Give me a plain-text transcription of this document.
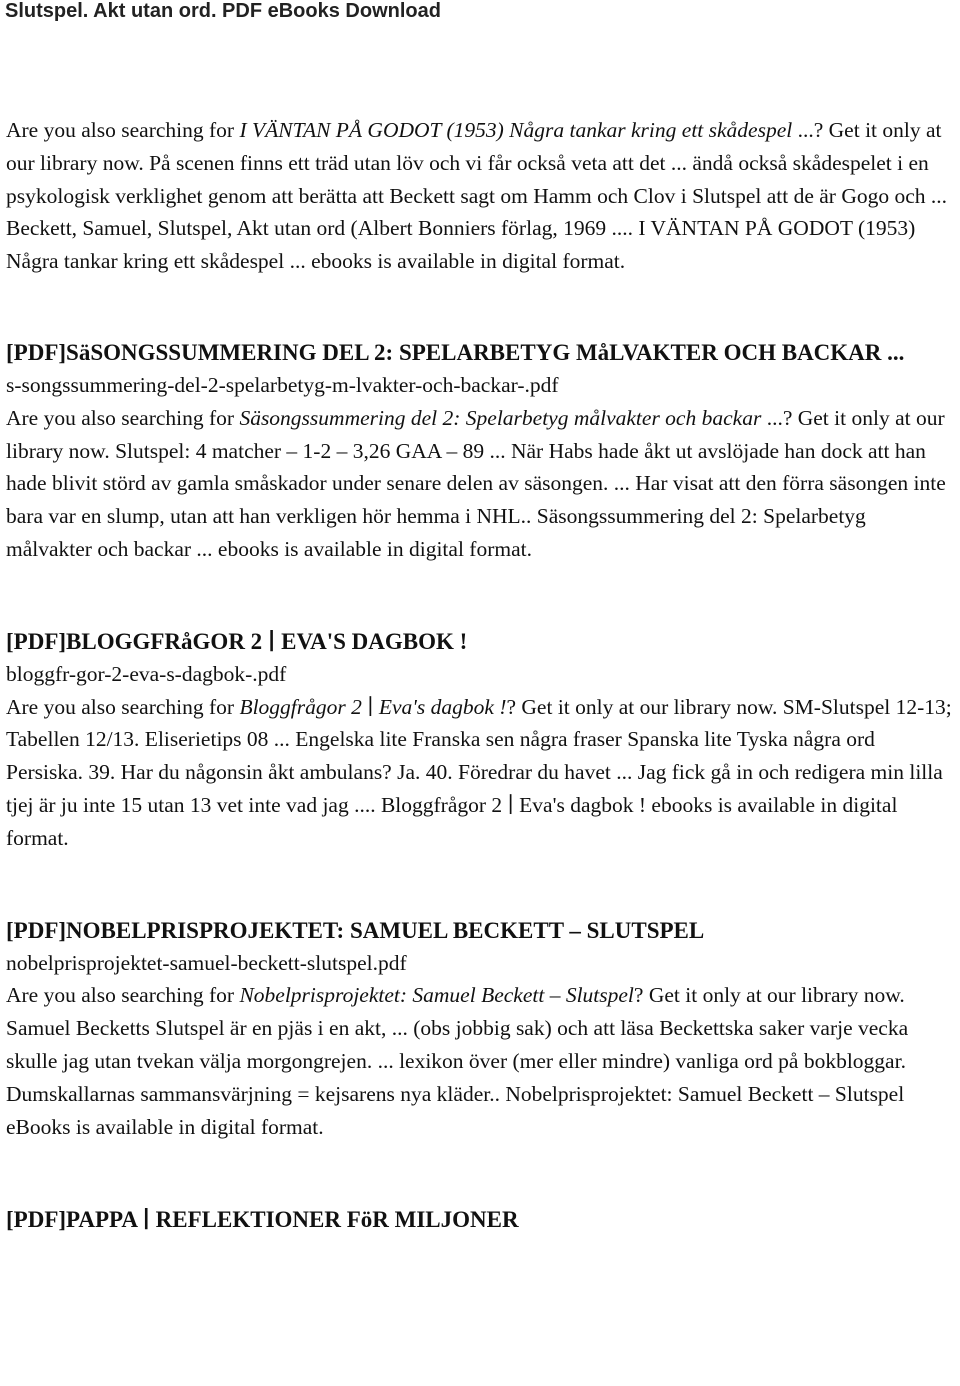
Slutspel. Akt utan ord. PDF eBooks Download

Are you also searching for I VÄNTAN PÅ GODOT (1953) Några tankar kring ett skådespel ...? Get it only at our library now. På scenen finns ett träd utan löv och vi får också veta att det ... ändå också skådespelet i en psykologisk verklighet genom att berätta att Beckett sagt om Hamm och Clov i Slutspel att de är Gogo och ... Beckett, Samuel, Slutspel, Akt utan ord (Albert Bonniers förlag, 1969 .... I VÄNTAN PÅ GODOT (1953) Några tankar kring ett skådespel ... ebooks is available in digital format.

[PDF]SäSONGSSUMMERING DEL 2: SPELARBETYG MåLVAKTER OCH BACKAR ...
s-songssummering-del-2-spelarbetyg-m-lvakter-och-backar-.pdf
Are you also searching for Säsongssummering del 2: Spelarbetyg målvakter och backar ...? Get it only at our library now. Slutspel: 4 matcher – 1-2 – 3,26 GAA – 89 ... När Habs hade åkt ut avslöjade han dock att han hade blivit störd av gamla småskador under senare delen av säsongen. ... Har visat att den förra säsongen inte bara var en slump, utan att han verkligen hör hemma i NHL.. Säsongssummering del 2: Spelarbetyg målvakter och backar ... ebooks is available in digital format.
[PDF]BLOGGFRåGOR 2 ∣ EVA'S DAGBOK !
bloggfr-gor-2-eva-s-dagbok-.pdf
Are you also searching for Bloggfrågor 2 ∣ Eva's dagbok !? Get it only at our library now. SM-Slutspel 12-13; Tabellen 12/13. Eliserietips 08 ... Engelska lite Franska sen några fraser Spanska lite Tyska några ord Persiska. 39. Har du någonsin åkt ambulans? Ja. 40. Föredrar du havet ... Jag fick gå in och redigera min lilla tjej är ju inte 15 utan 13 vet inte vad jag .... Bloggfrågor 2 ∣ Eva's dagbok ! ebooks is available in digital format.
[PDF]NOBELPRISPROJEKTET: SAMUEL BECKETT – SLUTSPEL
nobelprisprojektet-samuel-beckett-slutspel.pdf
Are you also searching for Nobelprisprojektet: Samuel Beckett – Slutspel? Get it only at our library now. Samuel Becketts Slutspel är en pjäs i en akt, ... (obs jobbig sak) och att läsa Beckettska saker varje vecka skulle jag utan tvekan välja morgongrejen. ... lexikon över (mer eller mindre) vanliga ord på bokbloggar. Dumskallarnas sammansvärjning = kejsarens nya kläder.. Nobelprisprojektet: Samuel Beckett – Slutspel eBooks is available in digital format.
[PDF]PAPPA ∣ REFLEKTIONER FöR MILJONER
